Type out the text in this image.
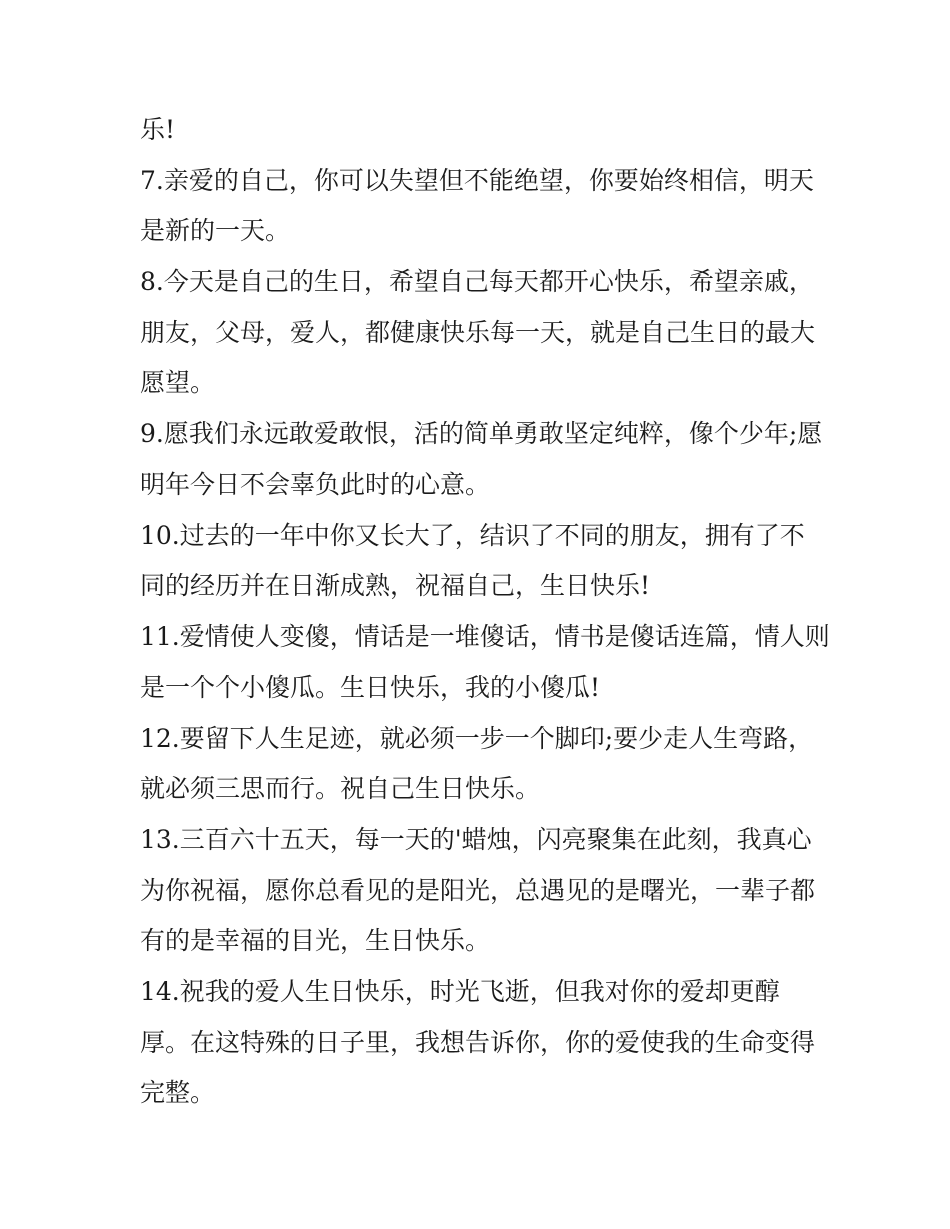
乐!
7.亲爱的自己，你可以失望但不能绝望，你要始终相信，明天
是新的一天。
8.今天是自己的生日，希望自己每天都开心快乐，希望亲戚，
朋友，父母，爱人，都健康快乐每一天，就是自己生日的最大
愿望。
9.愿我们永远敢爱敢恨，活的简单勇敢坚定纯粹，像个少年;愿
明年今日不会辜负此时的心意。
10.过去的一年中你又长大了，结识了不同的朋友，拥有了不
同的经历并在日渐成熟，祝福自己，生日快乐!
11.爱情使人变傻，情话是一堆傻话，情书是傻话连篇，情人则
是一个个小傻瓜。生日快乐，我的小傻瓜!
12.要留下人生足迹，就必须一步一个脚印;要少走人生弯路，
就必须三思而行。祝自己生日快乐。
13.三百六十五天，每一天的'蜡烛，闪亮聚集在此刻，我真心
为你祝福，愿你总看见的是阳光，总遇见的是曙光，一辈子都
有的是幸福的目光，生日快乐。
14.祝我的爱人生日快乐，时光飞逝，但我对你的爱却更醇
厚。在这特殊的日子里，我想告诉你，你的爱使我的生命变得
完整。
